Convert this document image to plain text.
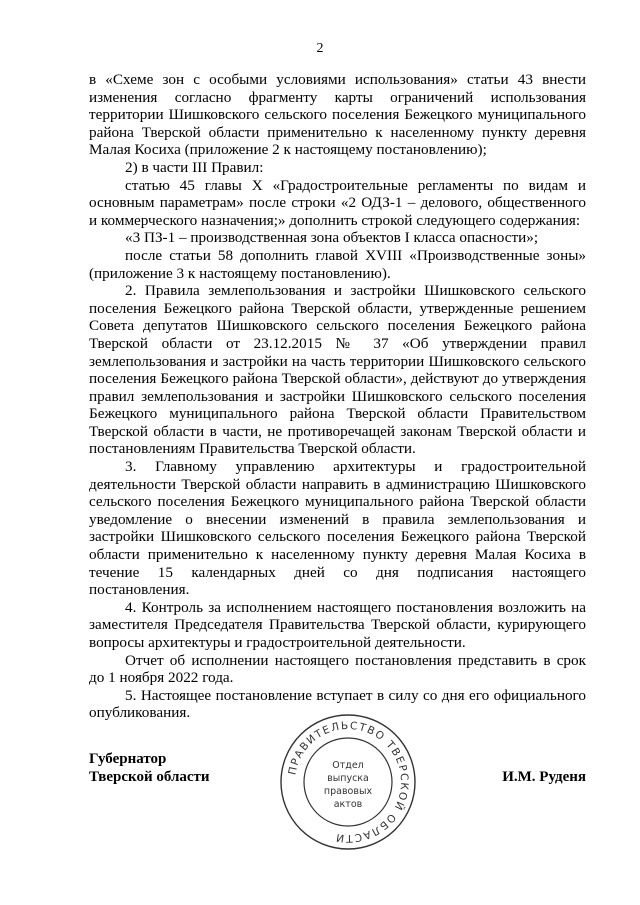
2

в «Схеме зон с особыми условиями использования» статьи 43 внести изменения согласно фрагменту карты ограничений использования территории Шишковского сельского поселения Бежецкого муниципального района Тверской области применительно к населенному пункту деревня Малая Косиха (приложение 2 к настоящему постановлению);

2) в части III Правил:

статью 45 главы X «Градостроительные регламенты по видам и основным параметрам» после строки «2 ОДЗ-1 – делового, общественного и коммерческого назначения;» дополнить строкой следующего содержания:

«3 ПЗ-1 – производственная зона объектов I класса опасности»;

после статьи 58 дополнить главой XVIII «Производственные зоны» (приложение 3 к настоящему постановлению).

2. Правила землепользования и застройки Шишковского сельского поселения Бежецкого района Тверской области, утвержденные решением Совета депутатов Шишковского сельского поселения Бежецкого района Тверской области от 23.12.2015 № 37 «Об утверждении правил землепользования и застройки на часть территории Шишковского сельского поселения Бежецкого района Тверской области», действуют до утверждения правил землепользования и застройки Шишковского сельского поселения Бежецкого муниципального района Тверской области Правительством Тверской области в части, не противоречащей законам Тверской области и постановлениям Правительства Тверской области.

3. Главному управлению архитектуры и градостроительной деятельности Тверской области направить в администрацию Шишковского сельского поселения Бежецкого муниципального района Тверской области уведомление о внесении изменений в правила землепользования и застройки Шишковского сельского поселения Бежецкого района Тверской области применительно к населенному пункту деревня Малая Косиха в течение 15 календарных дней со дня подписания настоящего постановления.

4. Контроль за исполнением настоящего постановления возложить на заместителя Председателя Правительства Тверской области, курирующего вопросы архитектуры и градостроительной деятельности.

Отчет об исполнении настоящего постановления представить в срок до 1 ноября 2022 года.

5. Настоящее постановление вступает в силу со дня его официального опубликования.

Губернатор
Тверской области	И.М. Руденя
ПРАВИТЕЛЬСТВО ТВЕРСКОЙ ОБЛАСТИ
Отдел
выпуска
правовых
актов
